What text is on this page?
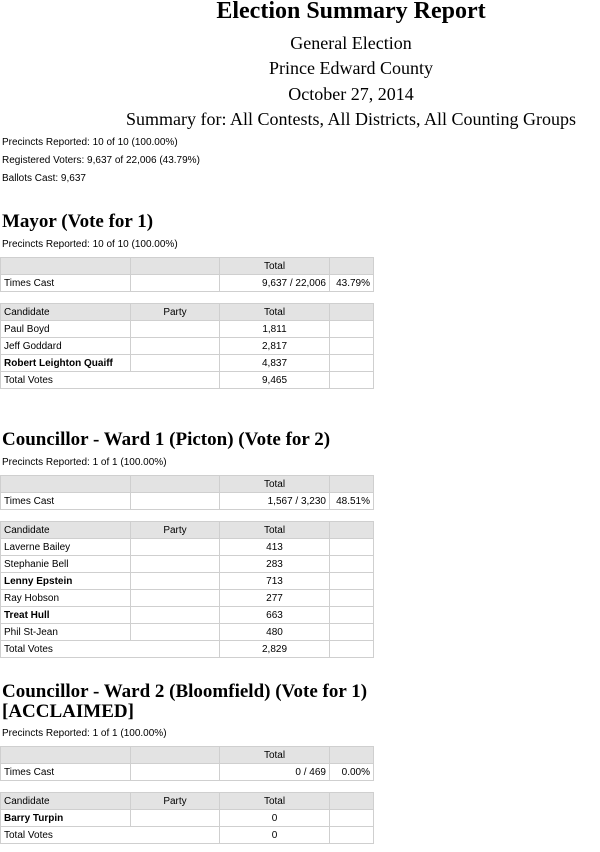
Election Summary Report
General Election
Prince Edward County
October 27, 2014
Summary for: All Contests, All Districts, All Counting Groups
Precincts Reported: 10 of 10 (100.00%)
Registered Voters: 9,637 of 22,006 (43.79%)
Ballots Cast: 9,637
Mayor (Vote for 1)
Precincts Reported: 10 of 10 (100.00%)
		Total	
Times Cast		9,637 / 22,006	43.79%
Candidate	Party	Total	
Paul Boyd		1,811	
Jeff Goddard		2,817	
Robert Leighton Quaiff		4,837	
Total Votes		9,465	
Councillor - Ward 1 (Picton) (Vote for 2)
Precincts Reported: 1 of 1 (100.00%)
		Total	
Times Cast		1,567 / 3,230	48.51%
Candidate	Party	Total	
Laverne Bailey		413	
Stephanie Bell		283	
Lenny Epstein		713	
Ray Hobson		277	
Treat Hull		663	
Phil St-Jean		480	
Total Votes		2,829	
Councillor - Ward 2 (Bloomfield) (Vote for 1)
[ACCLAIMED]
Precincts Reported: 1 of 1 (100.00%)
		Total	
Times Cast		0 / 469	0.00%
Candidate	Party	Total	
Barry Turpin		0	
Total Votes		0	
